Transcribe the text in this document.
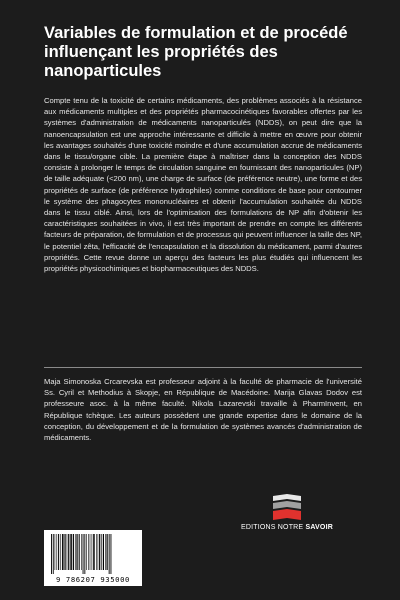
Variables de formulation et de procédé influençant les propriétés des nanoparticules

Compte tenu de la toxicité de certains médicaments, des problèmes associés à la résistance aux médicaments multiples et des propriétés pharmacocinétiques favorables offertes par les systèmes d'administration de médicaments nanoparticulés (NDDS), on peut dire que la nanoencapsulation est une approche intéressante et difficile à mettre en œuvre pour obtenir les avantages souhaités d'une toxicité moindre et d'une accumulation accrue de médicaments dans le tissu/organe cible. La première étape à maîtriser dans la conception des NDDS consiste à prolonger le temps de circulation sanguine en fournissant des nanoparticules (NP) de taille adéquate (<200 nm), une charge de surface (de préférence neutre), une forme et des propriétés de surface (de préférence hydrophiles) comme conditions de base pour contourner le système des phagocytes mononucléaires et obtenir l'accumulation souhaitée du NDDS dans le tissu ciblé. Ainsi, lors de l'optimisation des formulations de NP afin d'obtenir les caractéristiques souhaitées in vivo, il est très important de prendre en compte les différents facteurs de préparation, de formulation et de processus qui peuvent influencer la taille des NP, le potentiel zêta, l'efficacité de l'encapsulation et la dissolution du médicament, parmi d'autres propriétés. Cette revue donne un aperçu des facteurs les plus étudiés qui influencent les propriétés physicochimiques et biopharmaceutiques des NDDS.

Maja Simonoska Crcarevska est professeur adjoint à la faculté de pharmacie de l'université Ss. Cyril et Methodius à Skopje, en République de Macédoine. Marija Glavas Dodov est professeure asoc. à la même faculté. Nikola Lazarevski travaille à PharmInvent, en République tchèque. Les auteurs possèdent une grande expertise dans le domaine de la conception, du développement et de la formulation de systèmes avancés d'administration de médicaments.

EDITIONS NOTRE SAVOIR
9 786207 935000
